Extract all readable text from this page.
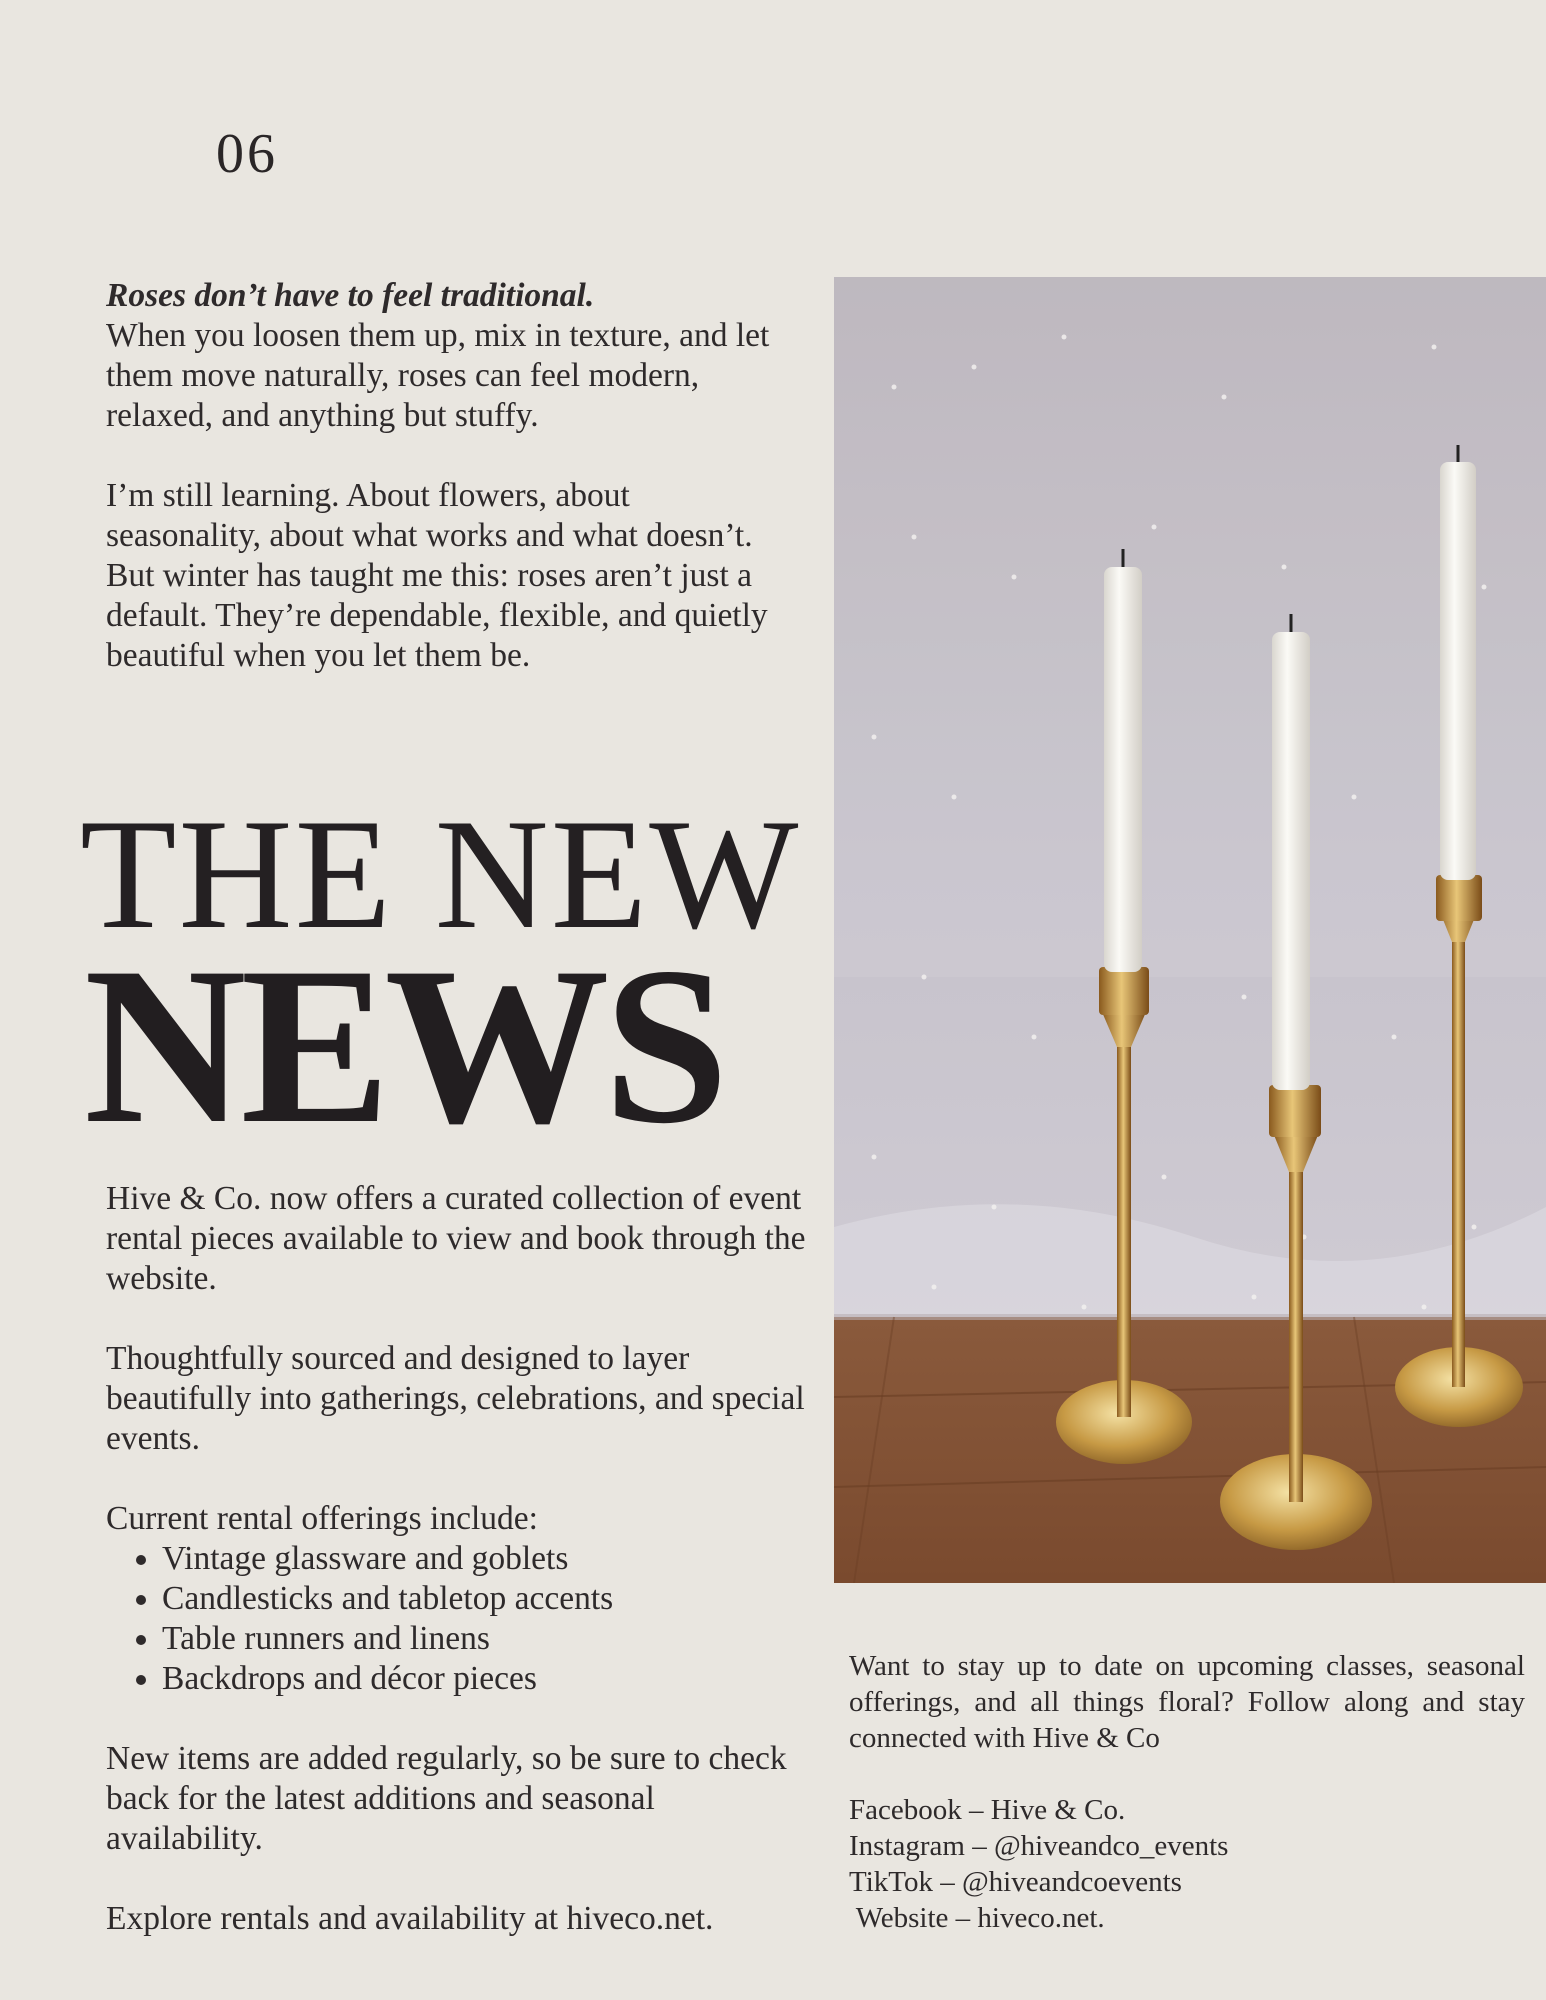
06

Roses don’t have to feel traditional.

When you loosen them up, mix in texture, and let them move naturally, roses can feel modern, relaxed, and anything but stuffy.

I’m still learning. About flowers, about seasonality, about what works and what doesn’t. But winter has taught me this: roses aren’t just a default. They’re dependable, flexible, and quietly beautiful when you let them be.

THE NEW
NEWS

Hive & Co. now offers a curated collection of event rental pieces available to view and book through the website.

Thoughtfully sourced and designed to layer beautifully into gatherings, celebrations, and special events.

Current rental offerings include:

• Vintage glassware and goblets
• Candlesticks and tabletop accents
• Table runners and linens
• Backdrops and décor pieces

New items are added regularly, so be sure to check back for the latest additions and seasonal availability.

Explore rentals and availability at hiveco.net.

Want to stay up to date on upcoming classes, seasonal offerings, and all things floral? Follow along and stay connected with Hive & Co

Facebook – Hive & Co.

Instagram – @hiveandco_events

TikTok – @hiveandcoevents

Website – hiveco.net.
